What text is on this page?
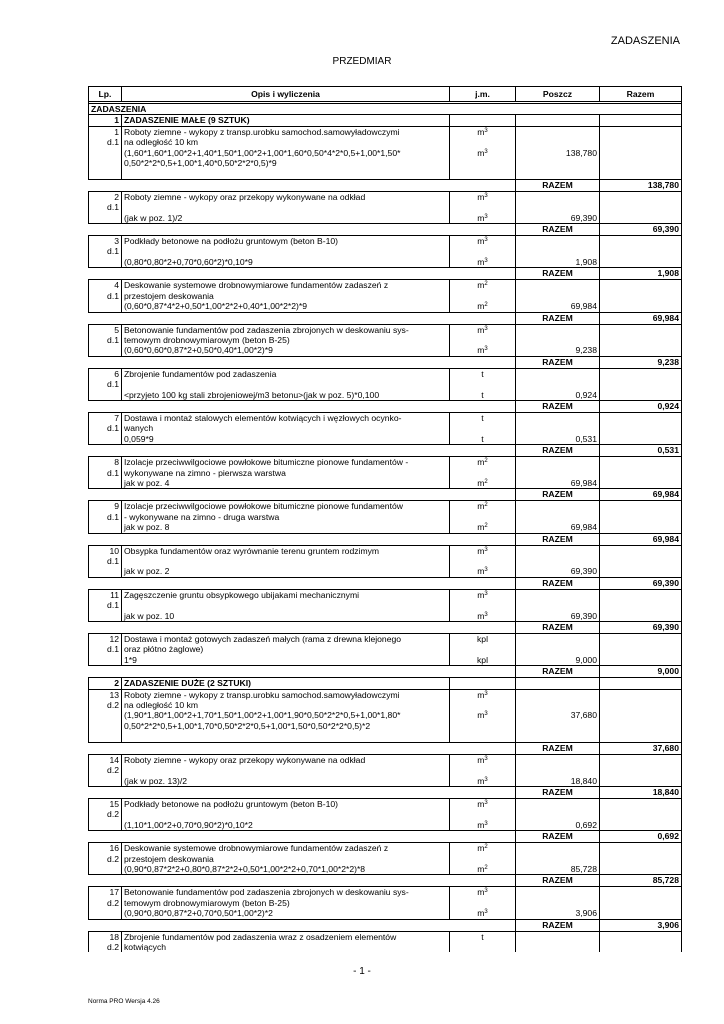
ZADASZENIA
PRZEDMIAR
Lp.	Opis i wyliczenia	j.m.	Poszcz	Razem

ZADASZENIA				
1	ZADASZENIE MAŁE (9 SZTUK)			
1	Roboty ziemne - wykopy z transp.urobku samochod.samowyładowczymi	$m^3$		
d.1	na odległość 10 km			
	(1,60*1,60*1,00*2+1,40*1,50*1,00*2+1,00*1,60*0,50*4*2*0,5+1,00*1,50*	$m^3$	138,780	
	0,50*2*2*0,5+1,00*1,40*0,50*2*2*0,5)*9			

			RAZEM	138,780
2	Roboty ziemne - wykopy oraz przekopy wykonywane na odkład	$m^3$		
d.1				
	(jak w poz. 1)/2	$m^3$	69,390	
			RAZEM	69,390
3	Podkłady betonowe na podłożu gruntowym (beton B-10)	$m^3$		
d.1				
	(0,80*0,80*2+0,70*0,60*2)*0,10*9	$m^3$	1,908	
			RAZEM	1,908
4	Deskowanie systemowe drobnowymiarowe fundamentów zadaszeń z	$m^2$		
d.1	przestojem deskowania			
	(0,60*0,87*4*2+0,50*1,00*2*2+0,40*1,00*2*2)*9	$m^2$	69,984	
			RAZEM	69,984
5	Betonowanie fundamentów pod zadaszenia zbrojonych w deskowaniu sys-	$m^3$		
d.1	temowym drobnowymiarowym (beton B-25)			
	(0,60*0,60*0,87*2+0,50*0,40*1,00*2)*9	$m^3$	9,238	
			RAZEM	9,238
6	Zbrojenie fundamentów pod zadaszenia	t		
d.1				
	<przyjeto 100 kg stali zbrojeniowej/m3 betonu>(jak w poz. 5)*0,100	t	0,924	
			RAZEM	0,924
7	Dostawa i montaż stalowych elementów kotwiących i węzłowych ocynko-	t		
d.1	wanych			
	0,059*9	t	0,531	
			RAZEM	0,531
8	Izolacje przeciwwilgociowe powłokowe bitumiczne pionowe fundamentów -	$m^2$		
d.1	wykonywane na zimno - pierwsza warstwa			
	jak w poz. 4	$m^2$	69,984	
			RAZEM	69,984
9	Izolacje przeciwwilgociowe powłokowe bitumiczne pionowe fundamentów	$m^2$		
d.1	- wykonywane na zimno - druga warstwa			
	jak w poz. 8	$m^2$	69,984	
			RAZEM	69,984
10	Obsypka fundamentów oraz wyrównanie terenu gruntem rodzimym	$m^3$		
d.1				
	jak w poz. 2	$m^3$	69,390	
			RAZEM	69,390
11	Zagęszczenie gruntu obsypkowego ubijakami mechanicznymi	$m^3$		
d.1				
	jak w poz. 10	$m^3$	69,390	
			RAZEM	69,390
12	Dostawa i montaż gotowych zadaszeń małych (rama z drewna klejonego	kpl		
d.1	oraz płótno żaglowe)			
	1*9	kpl	9,000	
			RAZEM	9,000
2	ZADASZENIE DUŻE (2 SZTUKI)			
13	Roboty ziemne - wykopy z transp.urobku samochod.samowyładowczymi	$m^3$		
d.2	na odległość 10 km			
	(1,90*1,80*1,00*2+1,70*1,50*1,00*2+1,00*1,90*0,50*2*2*0,5+1,00*1,80*	$m^3$	37,680	
	0,50*2*2*0,5+1,00*1,70*0,50*2*2*0,5+1,00*1,50*0,50*2*2*0,5)*2			

			RAZEM	37,680
14	Roboty ziemne - wykopy oraz przekopy wykonywane na odkład	$m^3$		
d.2				
	(jak w poz. 13)/2	$m^3$	18,840	
			RAZEM	18,840
15	Podkłady betonowe na podłożu gruntowym (beton B-10)	$m^3$		
d.2				
	(1,10*1,00*2+0,70*0,90*2)*0,10*2	$m^3$	0,692	
			RAZEM	0,692
16	Deskowanie systemowe drobnowymiarowe fundamentów zadaszeń z	$m^2$		
d.2	przestojem deskowania			
	(0,90*0,87*2*2+0,80*0,87*2*2+0,50*1,00*2*2+0,70*1,00*2*2)*8	$m^2$	85,728	
			RAZEM	85,728
17	Betonowanie fundamentów pod zadaszenia zbrojonych w deskowaniu sys-	$m^3$		
d.2	temowym drobnowymiarowym (beton B-25)			
	(0,90*0,80*0,87*2+0,70*0,50*1,00*2)*2	$m^3$	3,906	
			RAZEM	3,906
18	Zbrojenie fundamentów pod zadaszenia wraz z osadzeniem elementów	t		
d.2	kotwiących			
- 1 -
Norma PRO Wersja 4.26
